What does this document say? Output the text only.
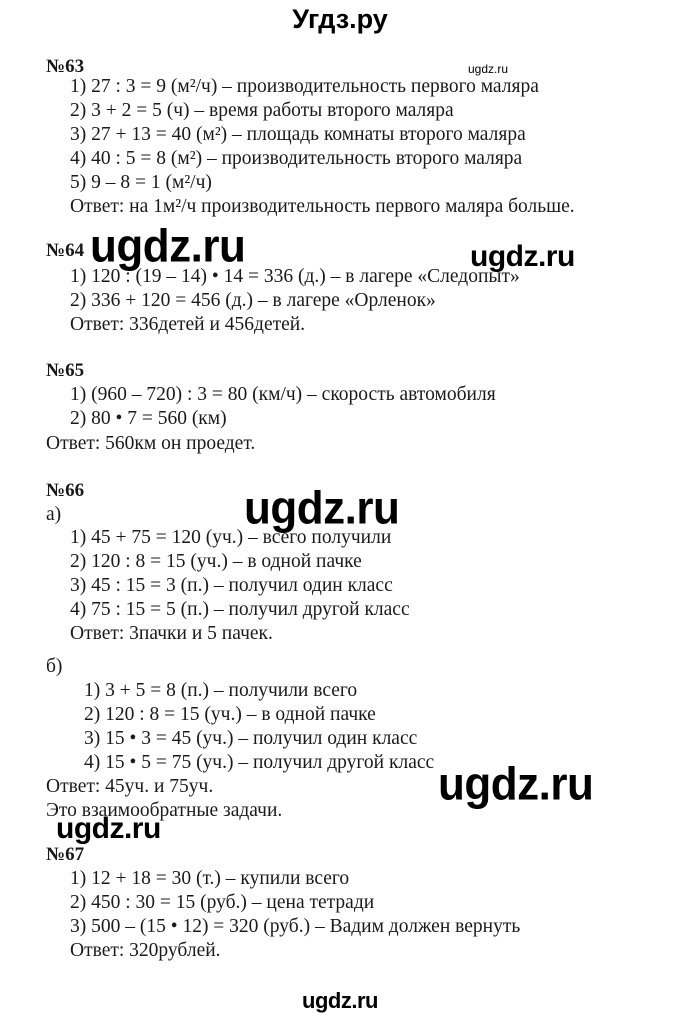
Угдз.ру
№63	ugdz.ru
1) 27 : 3 = 9 (м²/ч) – производительность первого маляра
2) 3 + 2 = 5 (ч) – время работы второго маляра
3) 27 + 13 = 40 (м²) – площадь комнаты второго маляра
4) 40 : 5 = 8 (м²) – производительность второго маляра
5) 9 – 8 = 1 (м²/ч)
Ответ: на 1м²/ч производительность первого маляра больше.
№64 ugdz.ru	ugdz.ru
1) 120 : (19 – 14) • 14 = 336 (д.) – в лагере «Следопыт»
2) 336 + 120 = 456 (д.) – в лагере «Орленок»
Ответ: 336детей и 456детей.
№65
1) (960 – 720) : 3 = 80 (км/ч) – скорость автомобиля
2) 80 • 7 = 560 (км)
Ответ: 560км он проедет.
№66	ugdz.ru
а)
1) 45 + 75 = 120 (уч.) – всего получили
2) 120 : 8 = 15 (уч.) – в одной пачке
3) 45 : 15 = 3 (п.) – получил один класс
4) 75 : 15 = 5 (п.) – получил другой класс
Ответ: 3пачки и 5 пачек.
б)
1) 3 + 5 = 8 (п.) – получили всего
2) 120 : 8 = 15 (уч.) – в одной пачке
3) 15 • 3 = 45 (уч.) – получил один класс
4) 15 • 5 = 75 (уч.) – получил другой класс
Ответ: 45уч. и 75уч.	ugdz.ru
Это взаимообратные задачи.
ugdz.ru
№67
1) 12 + 18 = 30 (т.) – купили всего
2) 450 : 30 = 15 (руб.) – цена тетради
3) 500 – (15 • 12) = 320 (руб.) – Вадим должен вернуть
Ответ: 320рублей.
ugdz.ru
